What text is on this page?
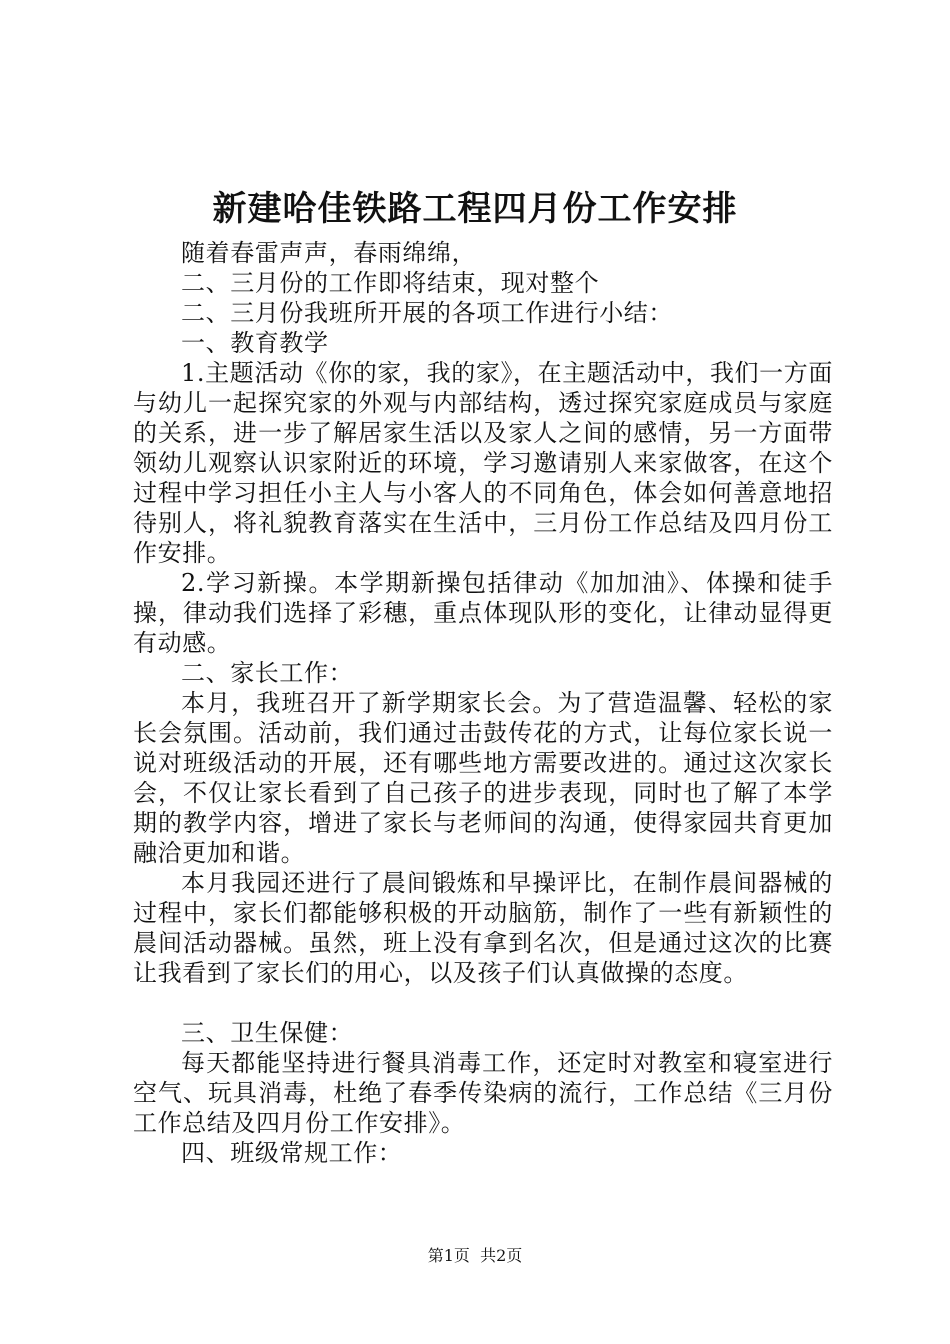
新建哈佳铁路工程四月份工作安排

随着春雷声声，春雨绵绵，

二、三月份的工作即将结束，现对整个

二、三月份我班所开展的各项工作进行小结：

一、教育教学

1.主题活动《你的家，我的家》，在主题活动中，我们一方面与幼儿一起探究家的外观与内部结构，透过探究家庭成员与家庭的关系，进一步了解居家生活以及家人之间的感情，另一方面带领幼儿观察认识家附近的环境，学习邀请别人来家做客，在这个过程中学习担任小主人与小客人的不同角色，体会如何善意地招待别人，将礼貌教育落实在生活中，三月份工作总结及四月份工作安排。

2.学习新操。本学期新操包括律动《加加油》、体操和徒手操，律动我们选择了彩穗，重点体现队形的变化，让律动显得更有动感。

二、家长工作：

本月，我班召开了新学期家长会。为了营造温馨、轻松的家长会氛围。活动前，我们通过击鼓传花的方式，让每位家长说一说对班级活动的开展，还有哪些地方需要改进的。通过这次家长会，不仅让家长看到了自己孩子的进步表现，同时也了解了本学期的教学内容，增进了家长与老师间的沟通，使得家园共育更加融洽更加和谐。

本月我园还进行了晨间锻炼和早操评比，在制作晨间器械的过程中，家长们都能够积极的开动脑筋，制作了一些有新颖性的晨间活动器械。虽然，班上没有拿到名次，但是通过这次的比赛让我看到了家长们的用心，以及孩子们认真做操的态度。

三、卫生保健：

每天都能坚持进行餐具消毒工作，还定时对教室和寝室进行空气、玩具消毒，杜绝了春季传染病的流行，工作总结《三月份工作总结及四月份工作安排》。

四、班级常规工作：

第1页  共2页
